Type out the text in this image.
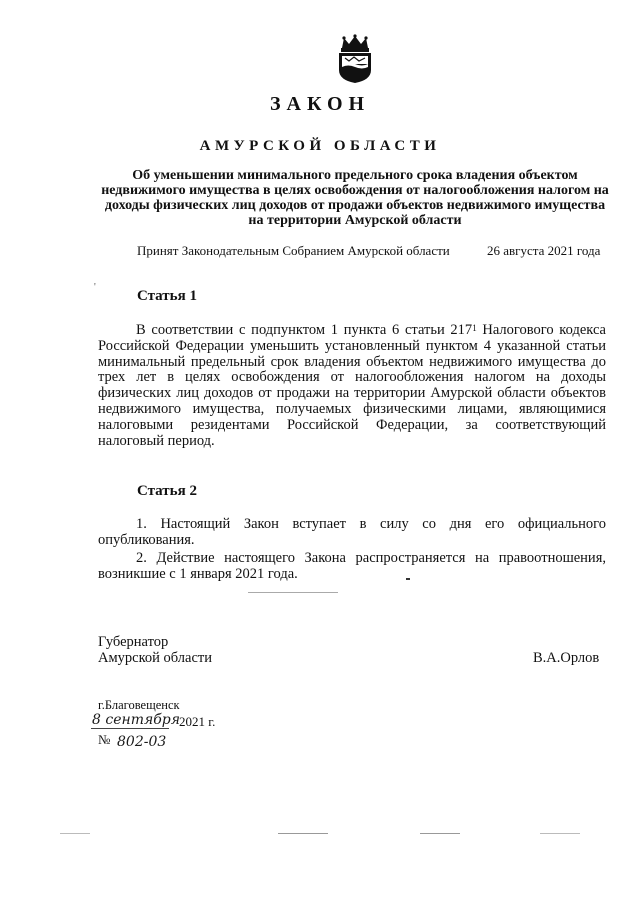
ЗАКОН
АМУРСКОЙ ОБЛАСТИ
Об уменьшении минимального предельного срока владения объектом недвижимого имущества в целях освобождения от налогообложения налогом на доходы физических лиц доходов от продажи объектов недвижимого имущества на территории Амурской области
Принят Законодательным Собранием Амурской области	26 августа 2021 года
'
Статья 1
В соответствии с подпунктом 1 пункта 6 статьи $217^1$ Налогового кодекса Российской Федерации уменьшить установленный пунктом 4 указанной статьи минимальный предельный срок владения объектом недвижимого имущества до трех лет в целях освобождения от налогообложения налогом на доходы физических лиц доходов от продажи на территории Амурской области объектов недвижимого имущества, получаемых физическими лицами, являющимися налоговыми резидентами Российской Федерации, за соответствующий налоговый период.
Статья 2
1. Настоящий Закон вступает в силу со дня его официального опубликования.
2. Действие настоящего Закона распространяется на правоотношения, возникшие с 1 января 2021 года.
Губернатор
Амурской области	В.А.Орлов
г.Благовещенск
8 сентября
2021 г.
№ 802-03
